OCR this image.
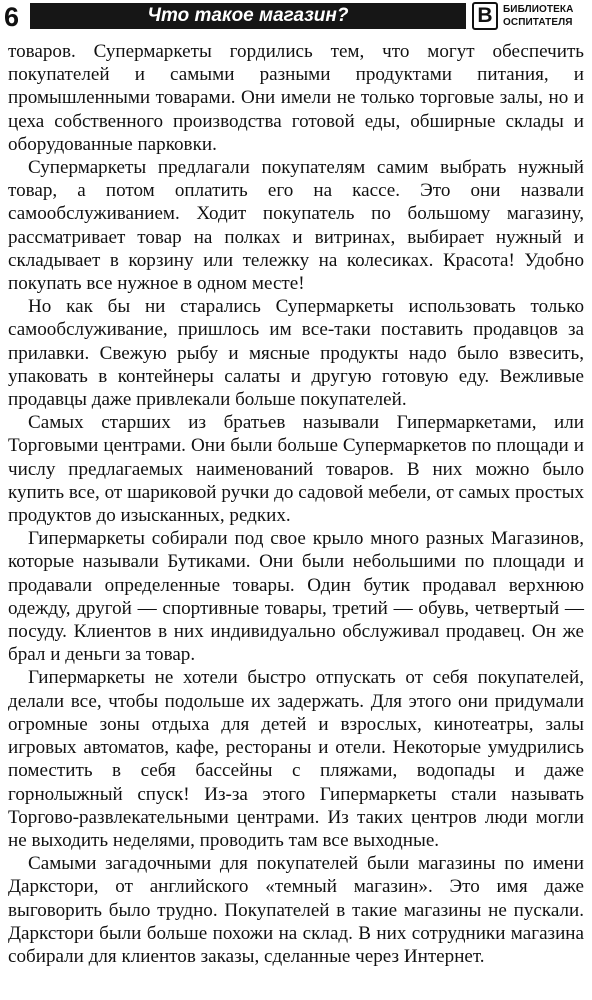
6	Что такое магазин?	В	БИБЛИОТЕКА
ОСПИТАТЕЛЯ

товаров. Супермаркеты гордились тем, что могут обеспечить покупателей и самыми разными продуктами питания, и промышленными товарами. Они имели не только торговые залы, но и цеха собственного производства готовой еды, обширные склады и оборудованные парковки.

Супермаркеты предлагали покупателям самим выбрать нужный товар, а потом оплатить его на кассе. Это они назвали самообслуживанием. Ходит покупатель по большому магазину, рассматривает товар на полках и витринах, выбирает нужный и складывает в корзину или тележку на колесиках. Красота! Удобно покупать все нужное в одном месте!

Но как бы ни старались Супермаркеты использовать только самообслуживание, пришлось им все-таки поставить продавцов за прилавки. Свежую рыбу и мясные продукты надо было взвесить, упаковать в контейнеры салаты и другую готовую еду. Вежливые продавцы даже привлекали больше покупателей.

Самых старших из братьев называли Гипермаркетами, или Торговыми центрами. Они были больше Супермаркетов по площади и числу предлагаемых наименований товаров. В них можно было купить все, от шариковой ручки до садовой мебели, от самых простых продуктов до изысканных, редких.

Гипермаркеты собирали под свое крыло много разных Магазинов, которые называли Бутиками. Они были небольшими по площади и продавали определенные товары. Один бутик продавал верхнюю одежду, другой — спортивные товары, третий — обувь, четвертый — посуду. Клиентов в них индивидуально обслуживал продавец. Он же брал и деньги за товар.

Гипермаркеты не хотели быстро отпускать от себя покупателей, делали все, чтобы подольше их задержать. Для этого они придумали огромные зоны отдыха для детей и взрослых, кинотеатры, залы игровых автоматов, кафе, рестораны и отели. Некоторые умудрились поместить в себя бассейны с пляжами, водопады и даже горнолыжный спуск! Из-за этого Гипермаркеты стали называть Торгово-развлекательными центрами. Из таких центров люди могли не выходить неделями, проводить там все выходные.

Самыми загадочными для покупателей были магазины по имени Даркстори, от английского «темный магазин». Это имя даже выговорить было трудно. Покупателей в такие магазины не пускали. Даркстори были больше похожи на склад. В них сотрудники магазина собирали для клиентов заказы, сделанные через Интернет.
